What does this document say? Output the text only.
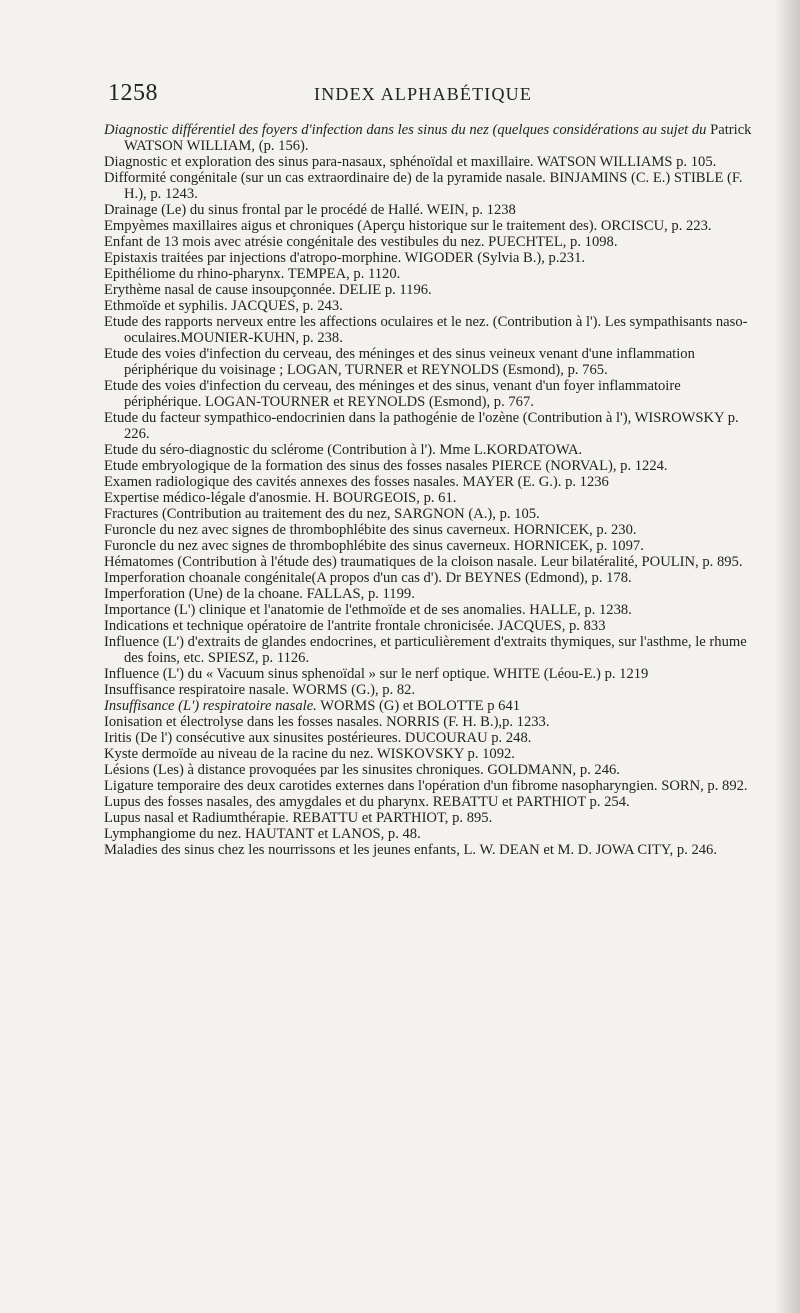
1258	INDEX ALPHABÉTIQUE

Diagnostic différentiel des foyers d'infection dans les sinus du nez (quelques considérations au sujet du Patrick WATSON WILLIAM, (p. 156).

Diagnostic et exploration des sinus para-nasaux, sphénoïdal et maxillaire. WATSON WILLIAMS p. 105.

Difformité congénitale (sur un cas extraordinaire de) de la pyramide nasale. BINJAMINS (C. E.) STIBLE (F. H.), p. 1243.

Drainage (Le) du sinus frontal par le procédé de Hallé. WEIN, p. 1238

Empyèmes maxillaires aigus et chroniques (Aperçu historique sur le traitement des). ORCISCU, p. 223.

Enfant de 13 mois avec atrésie congénitale des vestibules du nez. PUECHTEL, p. 1098.

Epistaxis traitées par injections d'atropo-morphine. WIGODER (Sylvia B.), p.231.

Epithéliome du rhino-pharynx. TEMPEA, p. 1120.

Erythème nasal de cause insoupçonnée. DELIE p. 1196.

Ethmoïde et syphilis. JACQUES, p. 243.

Etude des rapports nerveux entre les affections oculaires et le nez. (Contribution à l'). Les sympathisants naso-oculaires.MOUNIER-KUHN, p. 238.

Etude des voies d'infection du cerveau, des méninges et des sinus veineux venant d'une inflammation périphérique du voisinage ; LOGAN, TURNER et REYNOLDS (Esmond), p. 765.

Etude des voies d'infection du cerveau, des méninges et des sinus, venant d'un foyer inflammatoire périphérique. LOGAN-TOURNER et REYNOLDS (Esmond), p. 767.

Etude du facteur sympathico-endocrinien dans la pathogénie de l'ozène (Contribution à l'), WISROWSKY p. 226.

Etude du séro-diagnostic du sclérome (Contribution à l'). Mme L.KORDATOWA.

Etude embryologique de la formation des sinus des fosses nasales PIERCE (NORVAL), p. 1224.

Examen radiologique des cavités annexes des fosses nasales. MAYER (E. G.). p. 1236

Expertise médico-légale d'anosmie. H. BOURGEOIS, p. 61.

Fractures (Contribution au traitement des du nez, SARGNON (A.), p. 105.

Furoncle du nez avec signes de thrombophlébite des sinus caverneux. HORNICEK, p. 230.

Furoncle du nez avec signes de thrombophlébite des sinus caverneux. HORNICEK, p. 1097.

Hématomes (Contribution à l'étude des) traumatiques de la cloison nasale. Leur bilatéralité, POULIN, p. 895.

Imperforation choanale congénitale(A propos d'un cas d'). Dr BEYNES (Edmond), p. 178.

Imperforation (Une) de la choane. FALLAS, p. 1199.

Importance (L') clinique et l'anatomie de l'ethmoïde et de ses anomalies. HALLE, p. 1238.

Indications et technique opératoire de l'antrite frontale chronicisée. JACQUES, p. 833

Influence (L') d'extraits de glandes endocrines, et particulièrement d'extraits thymiques, sur l'asthme, le rhume des foins, etc. SPIESZ, p. 1126.

Influence (L') du « Vacuum sinus sphenoïdal » sur le nerf optique. WHITE (Léou-E.) p. 1219

Insuffisance respiratoire nasale. WORMS (G.), p. 82.

Insuffisance (L') respiratoire nasale. WORMS (G) et BOLOTTE p 641

Ionisation et électrolyse dans les fosses nasales. NORRIS (F. H. B.),p. 1233.

Iritis (De l') consécutive aux sinusites postérieures. DUCOURAU p. 248.

Kyste dermoïde au niveau de la racine du nez. WISKOVSKY p. 1092.

Lésions (Les) à distance provoquées par les sinusites chroniques. GOLDMANN, p. 246.

Ligature temporaire des deux carotides externes dans l'opération d'un fibrome nasopharyngien. SORN, p. 892.

Lupus des fosses nasales, des amygdales et du pharynx. REBATTU et PARTHIOT p. 254.

Lupus nasal et Radiumthérapie. REBATTU et PARTHIOT, p. 895.

Lymphangiome du nez. HAUTANT et LANOS, p. 48.

Maladies des sinus chez les nourrissons et les jeunes enfants, L. W. DEAN et M. D. JOWA CITY, p. 246.
